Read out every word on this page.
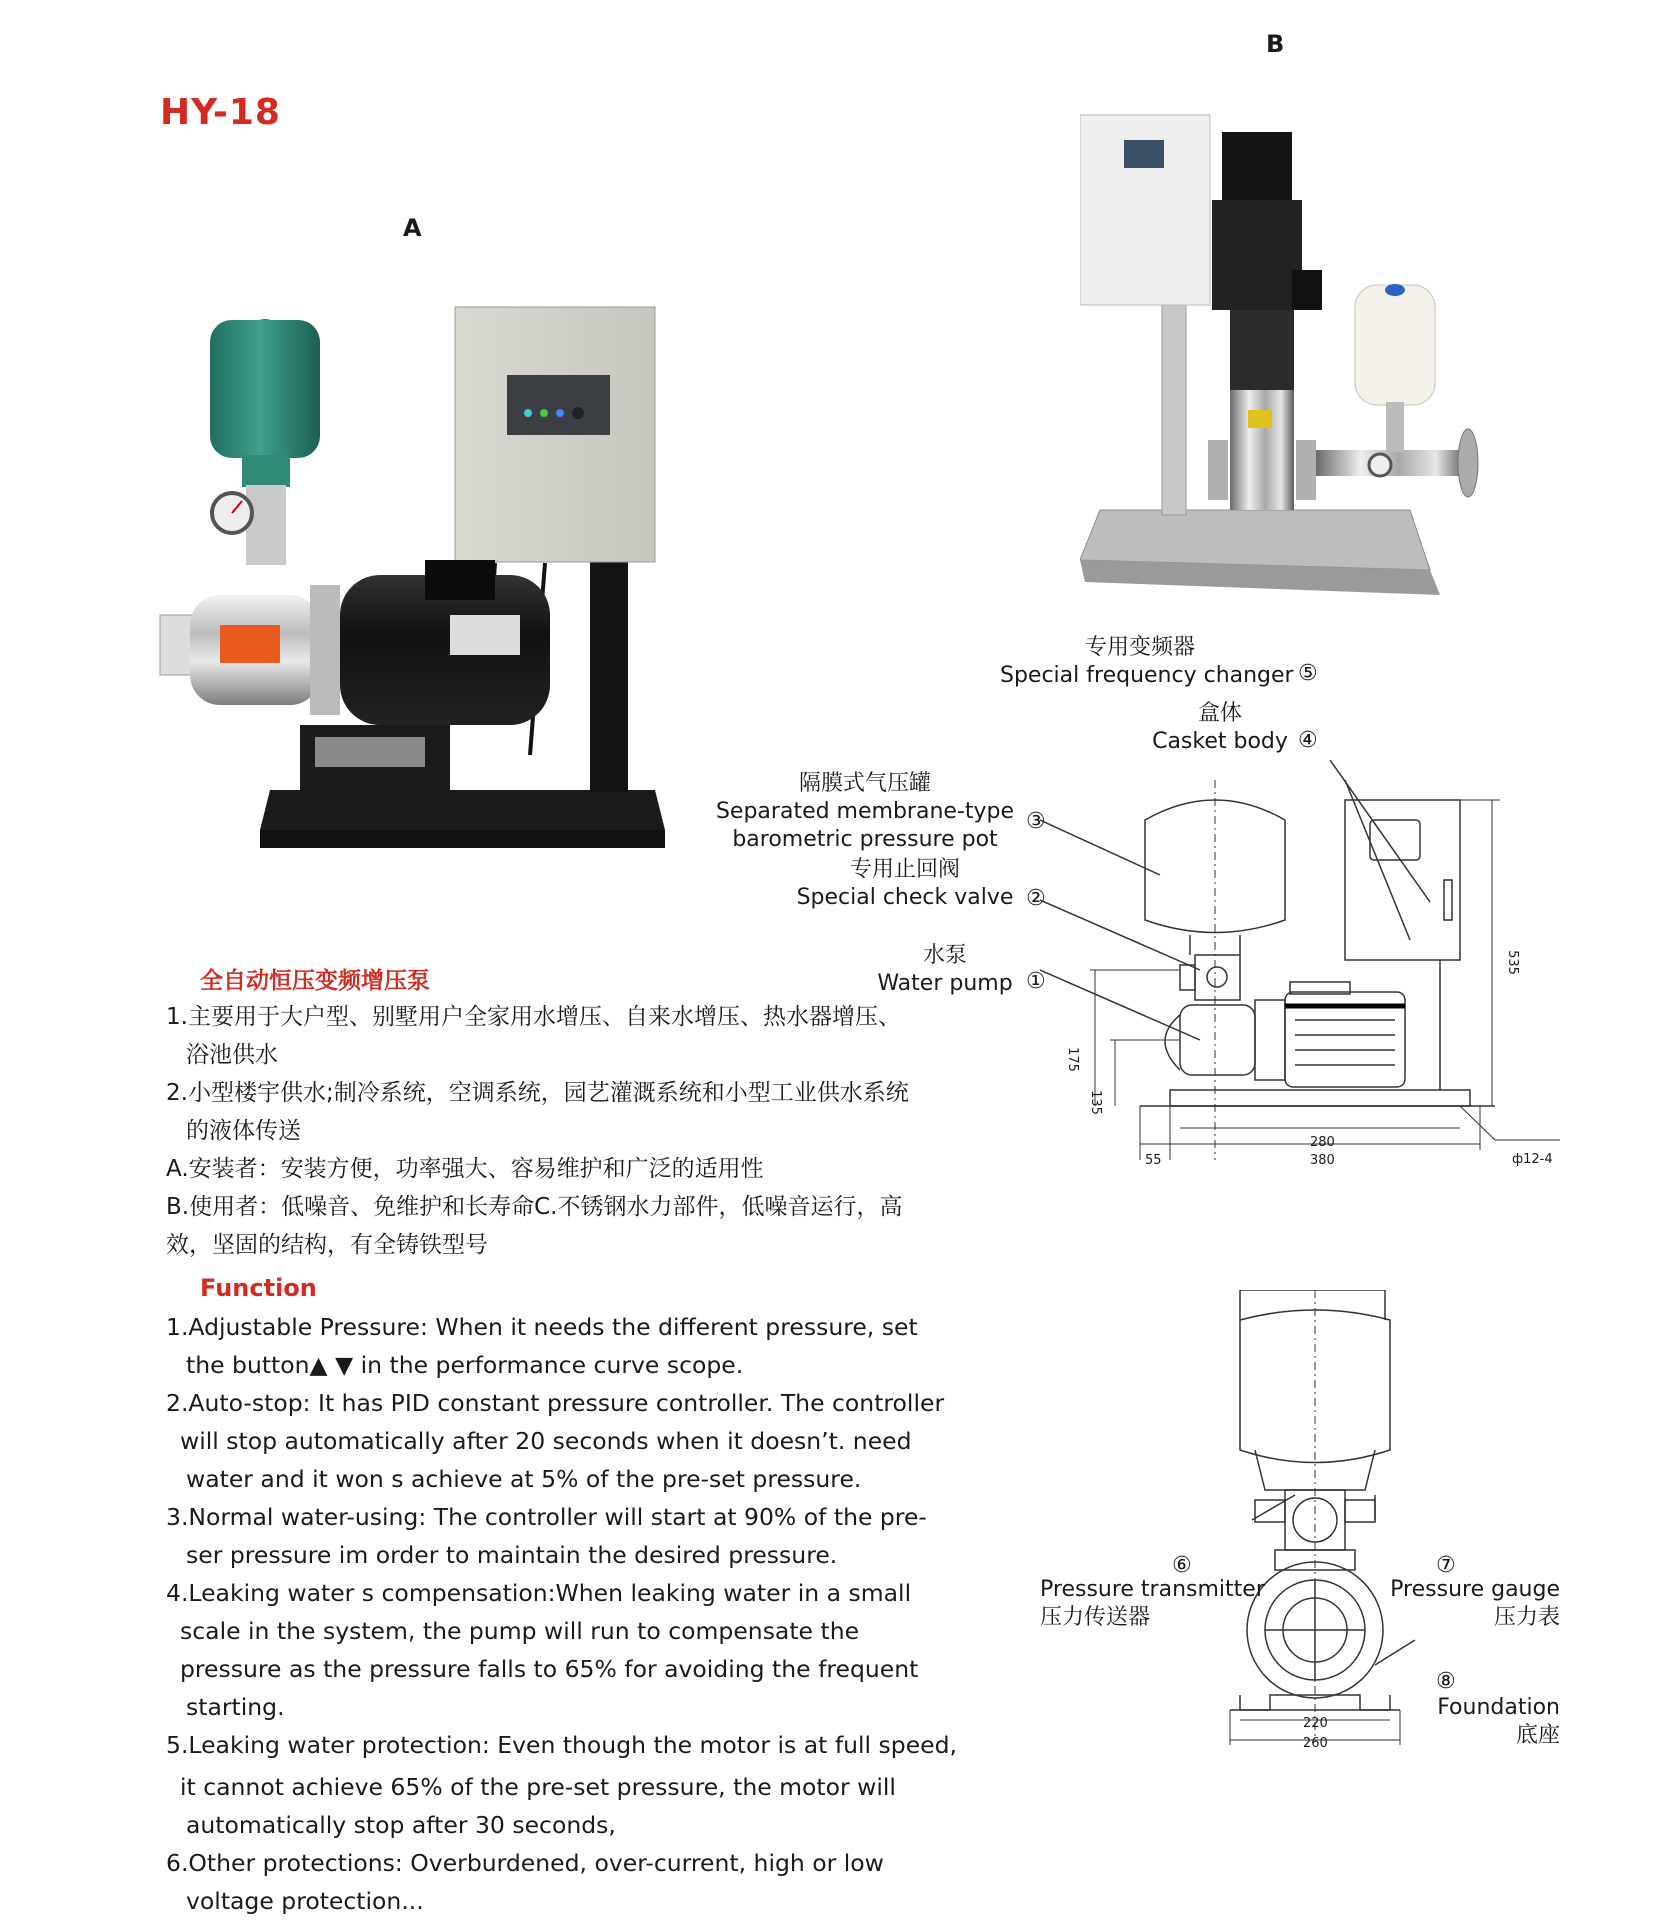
HY-18
A
B
全自动恒压变频增压泵
1.主要用于大户型、别墅用户全家用水增压、自来水增压、热水器增压、
浴池供水
2.小型楼宇供水;制冷系统，空调系统，园艺灌溉系统和小型工业供水系统
的液体传送
A.安装者：安装方便，功率强大、容易维护和广泛的适用性
B.使用者：低噪音、免维护和长寿命C.不锈钢水力部件，低噪音运行，高
效，坚固的结构，有全铸铁型号
Function
1.Adjustable Pressure: When it needs the different pressure, set
the button▲ ▼ in the performance curve scope.
2.Auto-stop: It has PID constant pressure controller. The controller
will stop automatically after 20 seconds when it doesn’t. need
water and it won s achieve at 5% of the pre-set pressure.
3.Normal water-using: The controller will start at 90% of the pre-
ser pressure im order to maintain the desired pressure.
4.Leaking water s compensation:When leaking water in a small
scale in the system, the pump will run to compensate the
pressure as the pressure falls to 65% for avoiding the frequent
starting.
5.Leaking water protection: Even though the motor is at full speed,
it cannot achieve 65% of the pre-set pressure, the motor will
automatically stop after 30 seconds,
6.Other protections: Overburdened, over-current, high or low
voltage protection...
535
175
135
280
380
55	ф12-4
220
260
专用变频器
Special frequency changer ⑤
盒体
Casket body ④
隔膜式气压罐
Separated membrane-type
barometric pressure pot
③
专用止回阀
Special check valve ②
水泵
Water pump ①
⑥
Pressure transmitter
压力传送器
⑦
Pressure gauge
压力表
⑧
Foundation
底座
